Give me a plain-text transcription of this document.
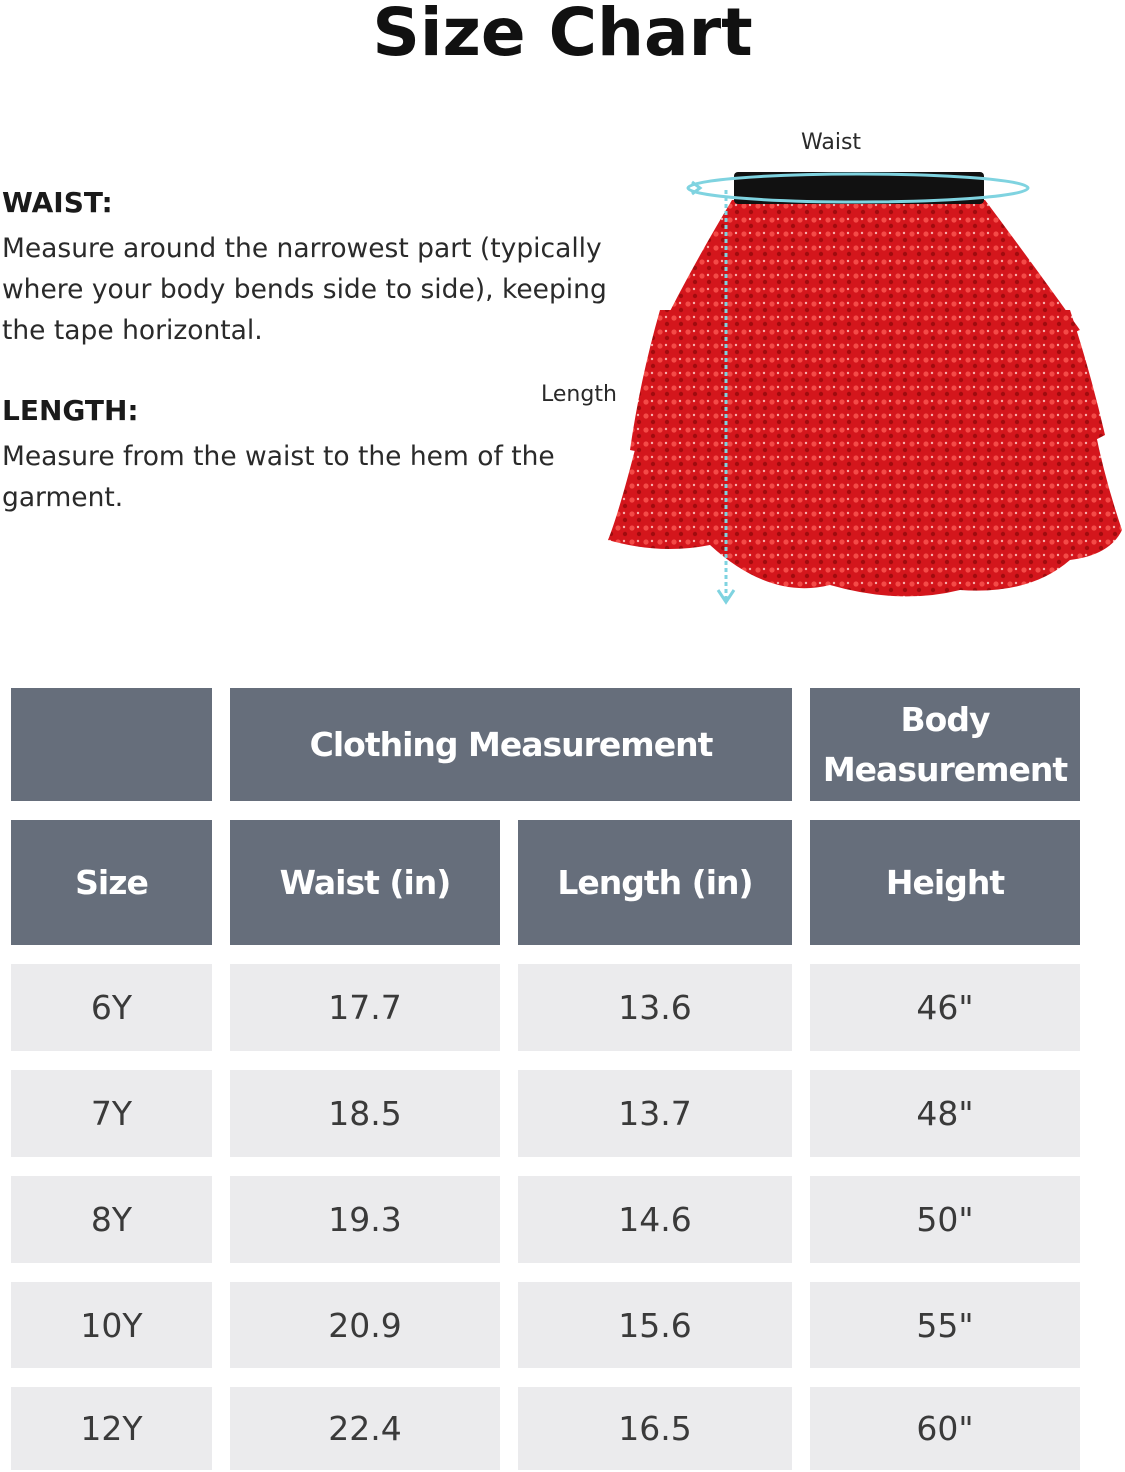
Size Chart
WAIST:
Measure around the narrowest part (typically
where your body bends side to side), keeping
the tape horizontal.
LENGTH:
Measure from the waist to the hem of the
garment.
Waist
Length
Clothing Measurement
Body Measurement
Size	Waist (in)	Length (in)	Height
6Y	17.7	13.6	46"
7Y	18.5	13.7	48"
8Y	19.3	14.6	50"
10Y	20.9	15.6	55"
12Y	22.4	16.5	60"
